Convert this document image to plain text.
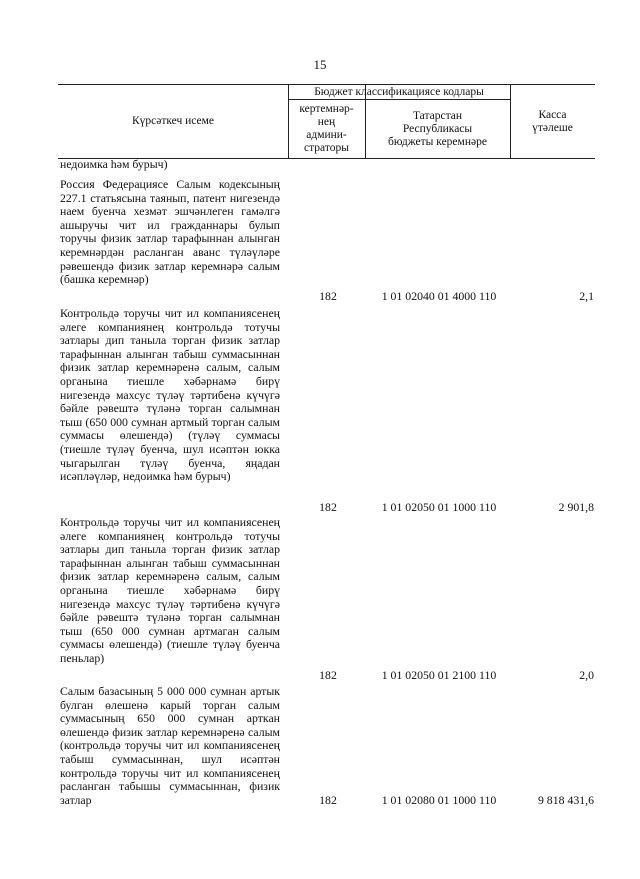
15
Күрсәткеч исеме
Бюджет классификациясе кодлары
кертемнәр-
нең
админи-
страторы
Татарстан
Республикасы
бюджеты керемнәре
Касса
үтәлеше
недоимка һәм бурыч)
Россия Федерациясе Салым кодексының 227.1 статьясына таянып, патент нигезендә наем буенча хезмәт эшчәнлеген гамәлгә ашыручы чит ил гражданнары булып торучы физик затлар тарафыннан алынган керемнәрдән расланган аванс түләүләре рәвешендә физик затлар керемнәрә салым (башка керемнәр)
182	1 01 02040 01 4000 110	2,1
Контрольдә торучы чит ил компаниясенең әлеге компаниянең контрольдә тотучы затлары дип таныла торган физик затлар тарафыннан алынган табыш суммасыннан физик затлар керемнәренә салым, салым органына тиешле хәбәрнамә бирү нигезендә махсус түләү тәртибенә күчүгә бәйле рәвештә түләнә торган салымнан тыш (650 000 сумнан артмый торган салым суммасы өлешендә) (түләү суммасы (тиешле түләү буенча, шул исәптән юкка чыгарылган түләү буенча, яңадан исәпләүләр, недоимка һәм бурыч)
182	1 01 02050 01 1000 110	2 901,8
Контрольдә торучы чит ил компаниясенең әлеге компаниянең контрольдә тотучы затлары дип таныла торган физик затлар тарафыннан алынган табыш суммасыннан физик затлар керемнәренә салым, салым органына тиешле хәбәрнамә бирү нигезендә махсус түләү тәртибенә күчүгә бәйле рәвештә түләнә торган салымнан тыш (650 000 сумнан артмаган салым суммасы өлешендә) (тиешле түләү буенча пеньлар)
182	1 01 02050 01 2100 110	2,0
Салым базасының 5 000 000 сумнан артык булган өлешенә карый торган салым суммасының 650 000 сумнан арткан өлешендә физик затлар керемнәренә салым (контрольдә торучы чит ил компаниясенең табыш суммасыннан, шул исәптән контрольдә торучы чит ил компаниясенең расланган табышы суммасыннан, физик затлар	182	1 01 02080 01 1000 110	9 818 431,6
